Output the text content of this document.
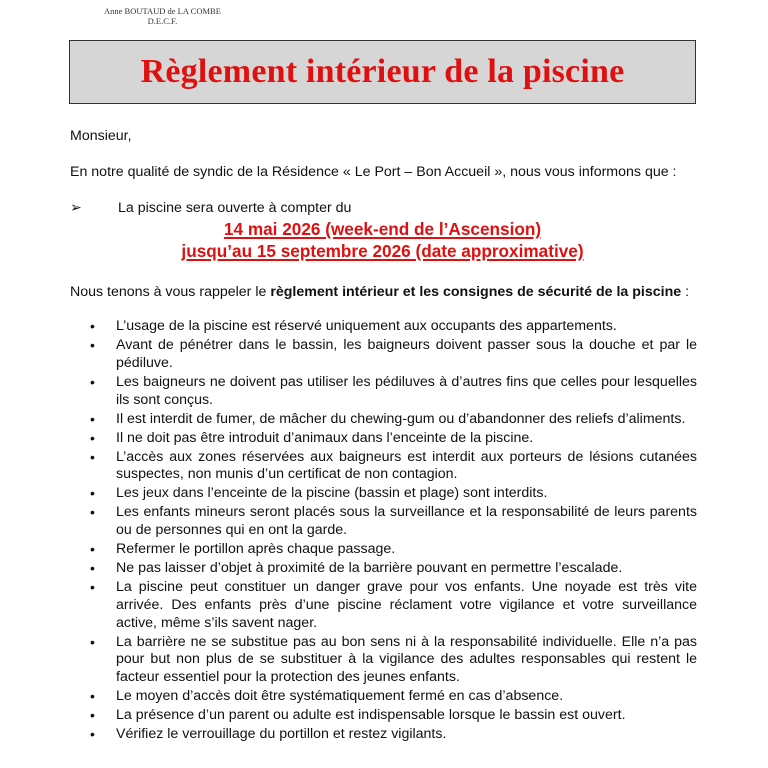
Anne BOUTAUD de LA COMBE
D.E.C.F.
Règlement intérieur de la piscine
Monsieur,
En notre qualité de syndic de la Résidence « Le Port – Bon Accueil », nous vous informons que :
➢	La piscine sera ouverte à compter du
14 mai 2026 (week-end de l’Ascension)
jusqu’au 15 septembre 2026 (date approximative)
Nous tenons à vous rappeler le règlement intérieur et les consignes de sécurité de la piscine :
• L’usage de la piscine est réservé uniquement aux occupants des appartements.
• Avant de pénétrer dans le bassin, les baigneurs doivent passer sous la douche et par le pédiluve.
• Les baigneurs ne doivent pas utiliser les pédiluves à d’autres fins que celles pour lesquelles ils sont conçus.
• Il est interdit de fumer, de mâcher du chewing-gum ou d’abandonner des reliefs d’aliments.
• Il ne doit pas être introduit d’animaux dans l’enceinte de la piscine.
• L’accès aux zones réservées aux baigneurs est interdit aux porteurs de lésions cutanées suspectes, non munis d’un certificat de non contagion.
• Les jeux dans l’enceinte de la piscine (bassin et plage) sont interdits.
• Les enfants mineurs seront placés sous la surveillance et la responsabilité de leurs parents ou de personnes qui en ont la garde.
• Refermer le portillon après chaque passage.
• Ne pas laisser d’objet à proximité de la barrière pouvant en permettre l’escalade.
• La piscine peut constituer un danger grave pour vos enfants. Une noyade est très vite arrivée. Des enfants près d’une piscine réclament votre vigilance et votre surveillance active, même s’ils savent nager.
• La barrière ne se substitue pas au bon sens ni à la responsabilité individuelle. Elle n’a pas pour but non plus de se substituer à la vigilance des adultes responsables qui restent le facteur essentiel pour la protection des jeunes enfants.
• Le moyen d’accès doit être systématiquement fermé en cas d’absence.
• La présence d’un parent ou adulte est indispensable lorsque le bassin est ouvert.
• Vérifiez le verrouillage du portillon et restez vigilants.
